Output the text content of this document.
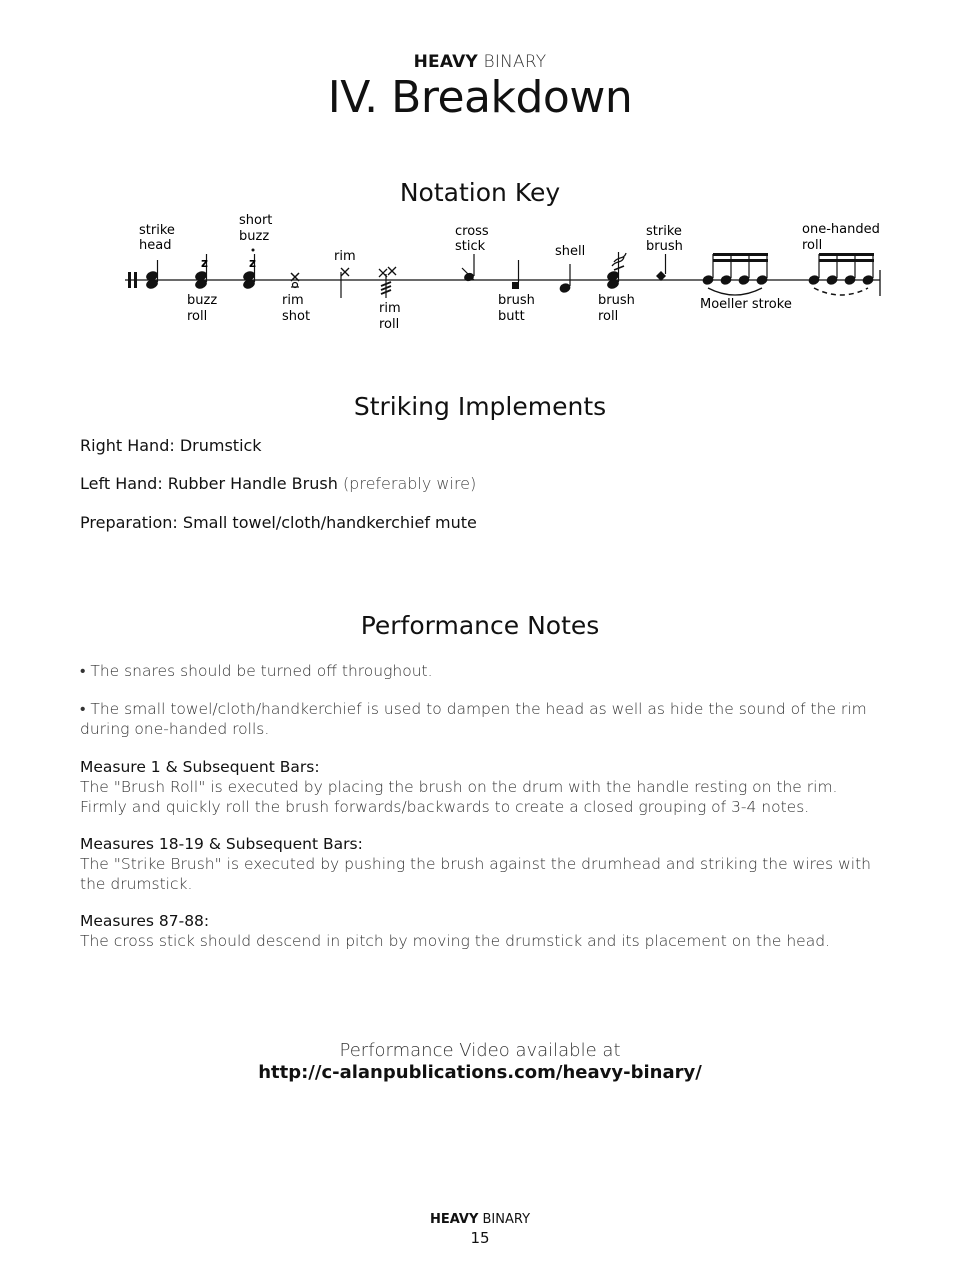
HEAVY BINARY
IV. Breakdown
Notation Key
strike
head
z
buzz
roll
z
short
buzz
rim
shot
rim
rim
roll
cross
stick
brush
butt
shell
brush
roll
strike
brush
Moeller stroke
one-handed
roll
Striking Implements
Right Hand: Drumstick
Left Hand: Rubber Handle Brush (preferably wire)
Preparation: Small towel/cloth/handkerchief mute
Performance Notes
• The snares should be turned off throughout.
• The small towel/cloth/handkerchief is used to dampen the head as well as hide the sound of the rim during one-handed rolls.
Measure 1 & Subsequent Bars:
The "Brush Roll" is executed by placing the brush on the drum with the handle resting on the rim. Firmly and quickly roll the brush forwards/backwards to create a closed grouping of 3-4 notes.
Measures 18-19 & Subsequent Bars:
The "Strike Brush" is executed by pushing the brush against the drumhead and striking the wires with the drumstick.
Measures 87-88:
The cross stick should descend in pitch by moving the drumstick and its placement on the head.
Performance Video available at
http://c-alanpublications.com/heavy-binary/
HEAVY BINARY
15
